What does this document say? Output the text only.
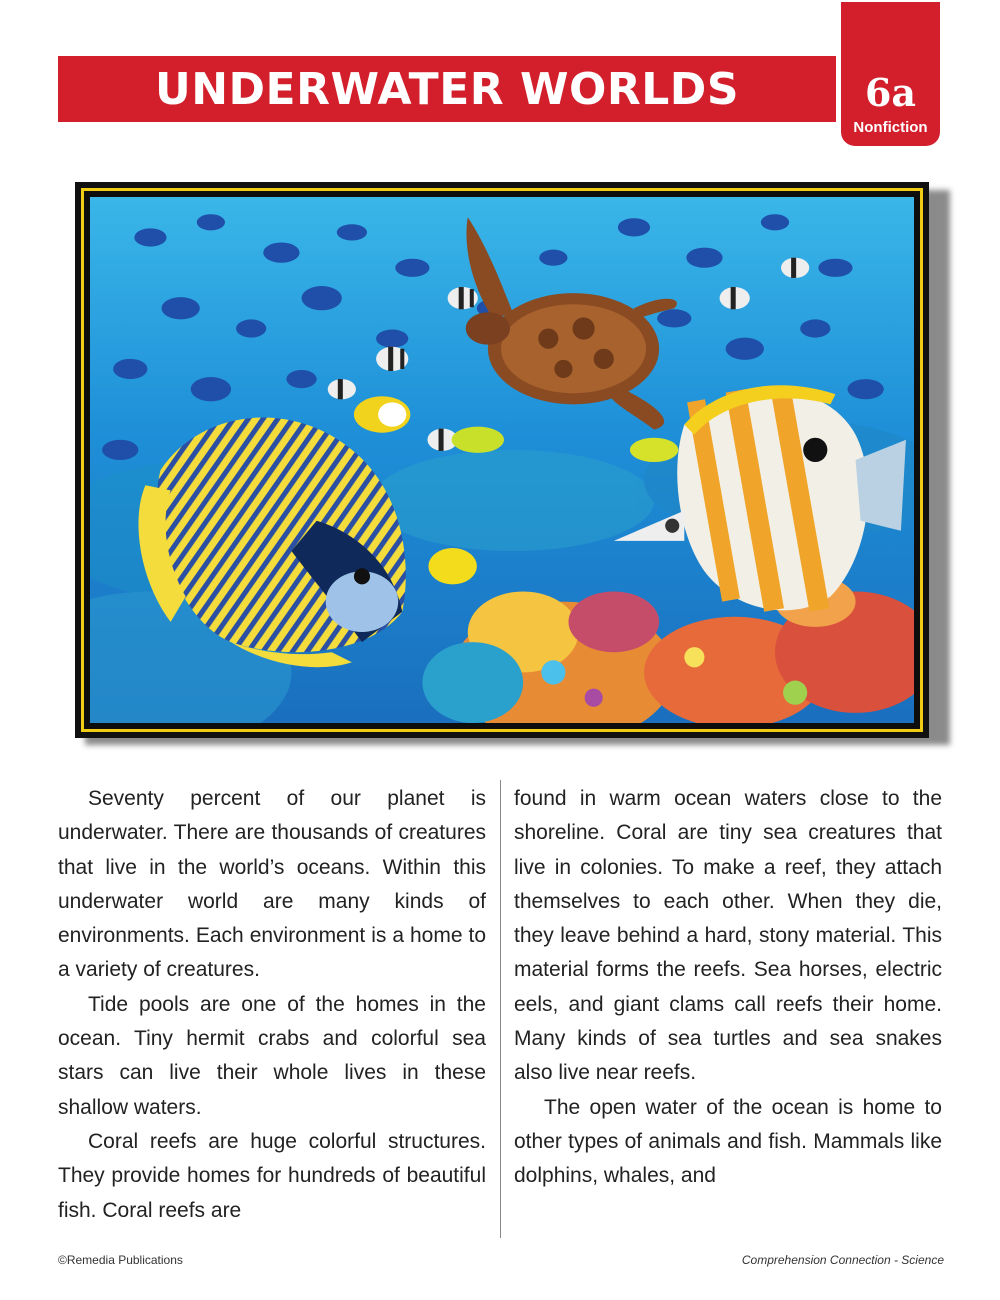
UNDERWATER WORLDS	6a
Nonfiction

Seventy percent of our planet is underwater. There are thousands of creatures that live in the world’s oceans. Within this underwater world are many kinds of environments. Each environment is a home to a variety of creatures.

Tide pools are one of the homes in the ocean. Tiny hermit crabs and colorful sea stars can live their whole lives in these shallow waters.

Coral reefs are huge colorful structures. They provide homes for hundreds of beautiful fish. Coral reefs are

found in warm ocean waters close to the shoreline. Coral are tiny sea creatures that live in colonies. To make a reef, they attach themselves to each other. When they die, they leave behind a hard, stony material. This material forms the reefs. Sea horses, electric eels, and giant clams call reefs their home. Many kinds of sea turtles and sea snakes also live near reefs.

The open water of the ocean is home to other types of animals and fish. Mammals like dolphins, whales, and

©Remedia Publications	Comprehension Connection - Science
